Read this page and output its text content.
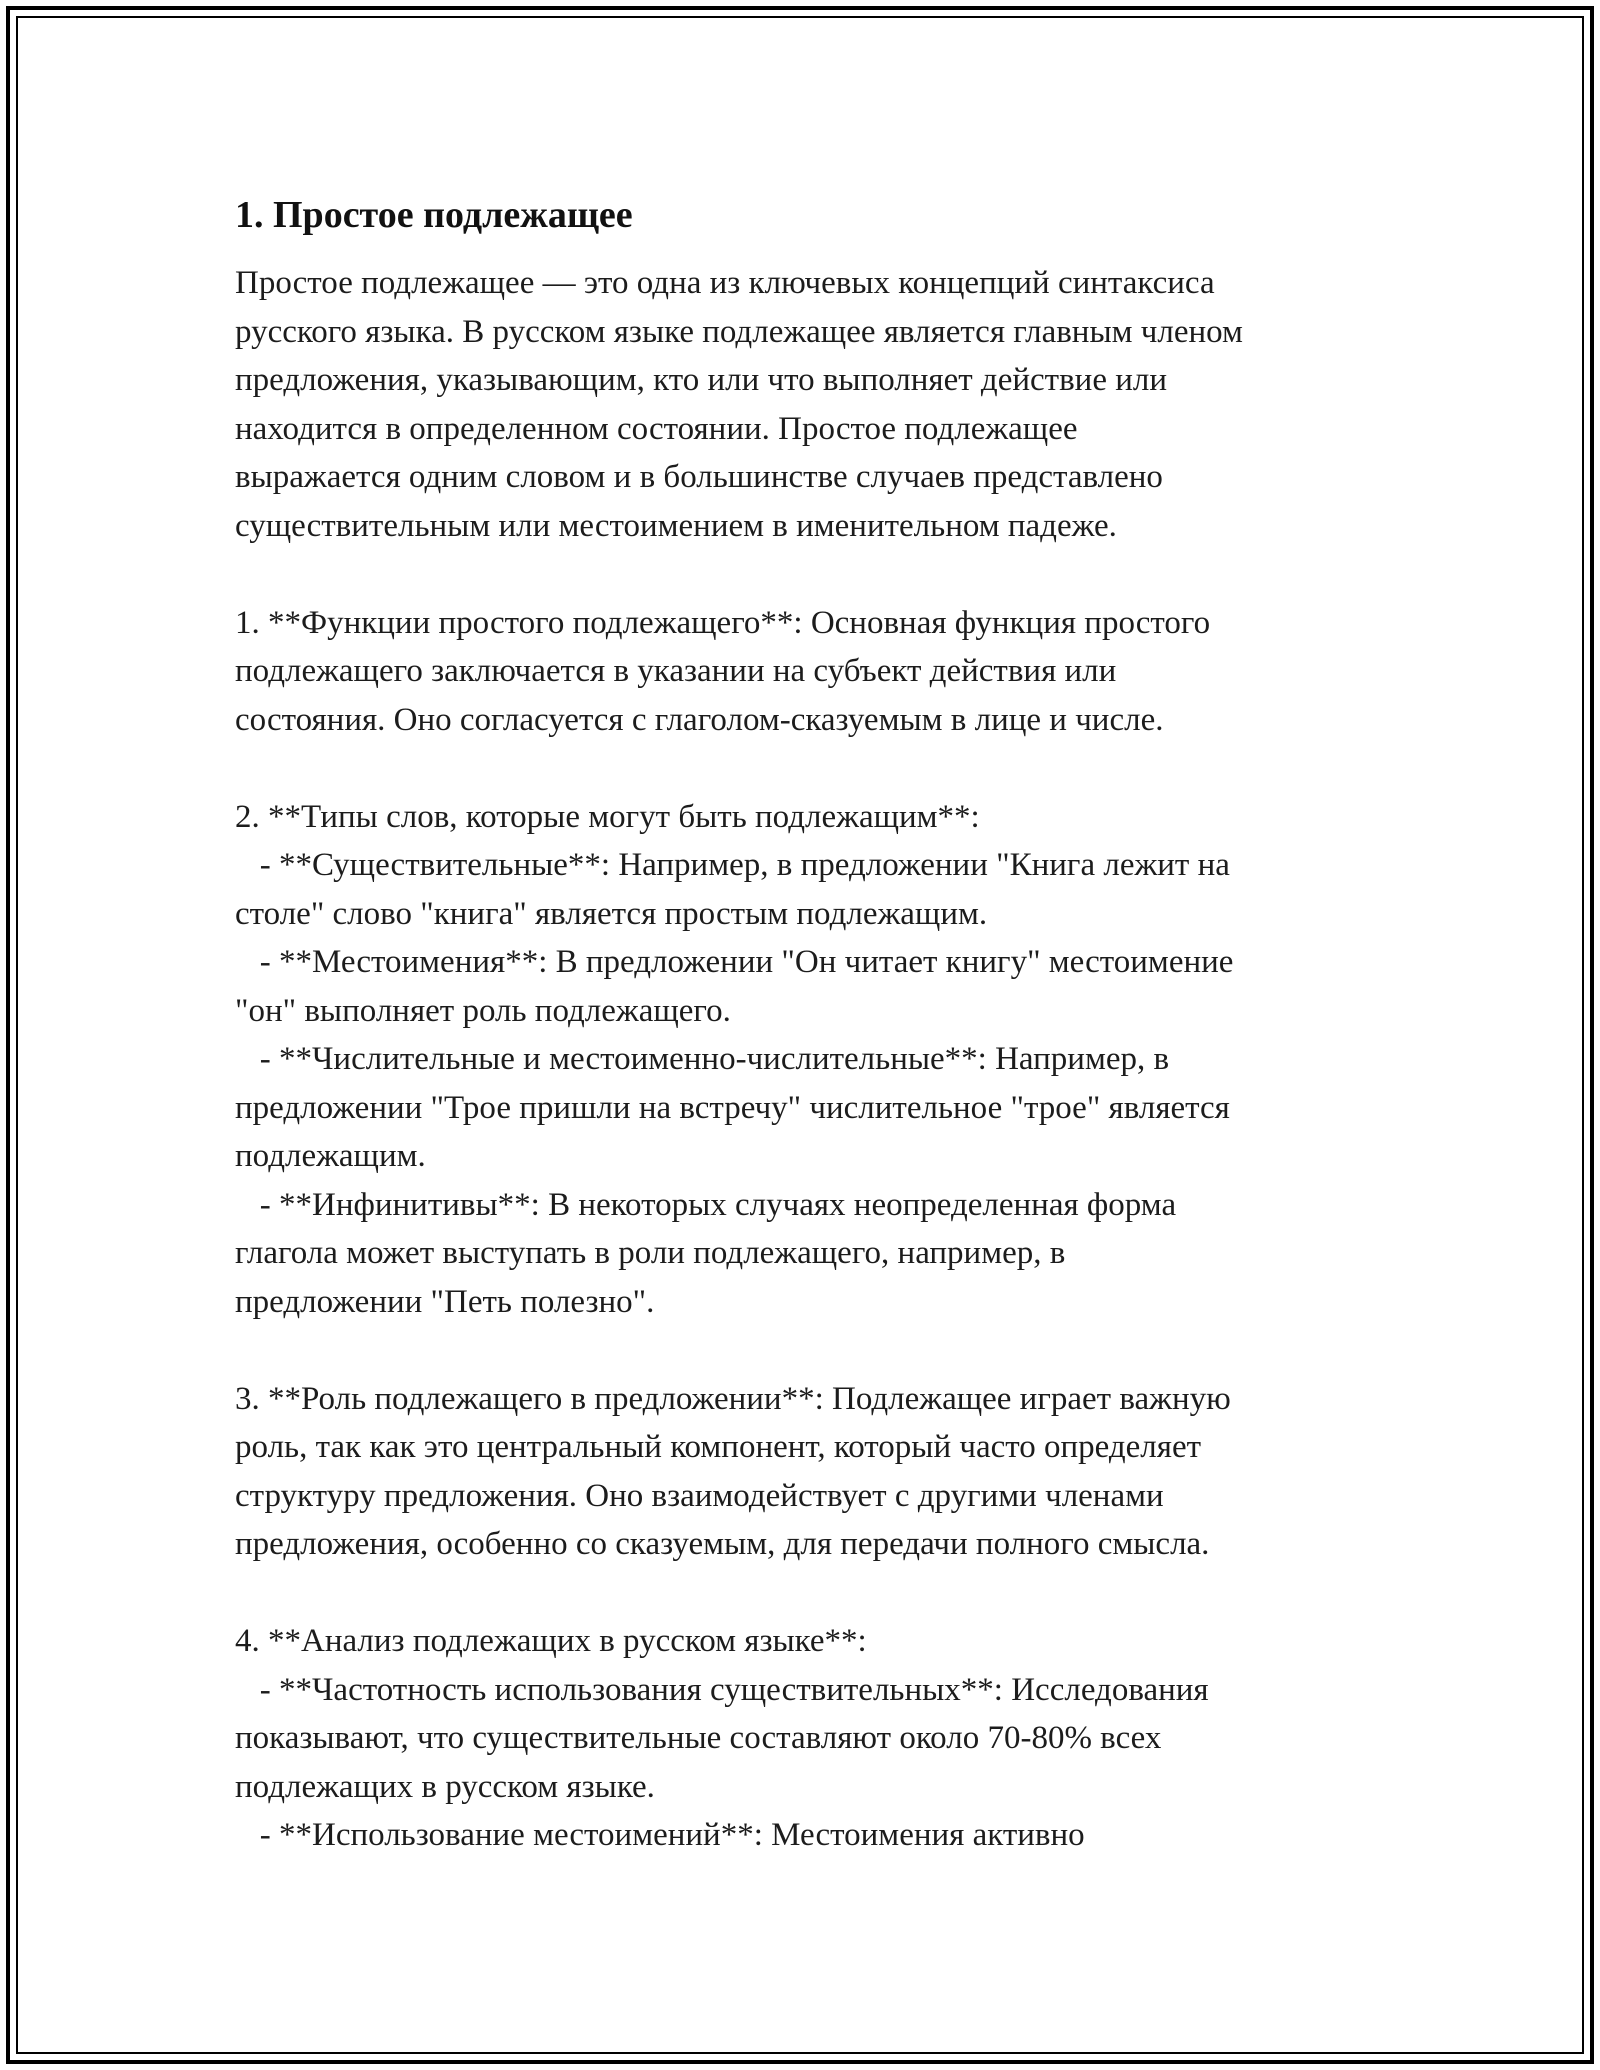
1. Простое подлежащее

Простое подлежащее — это одна из ключевых концепций синтаксиса
русского языка. В русском языке подлежащее является главным членом
предложения, указывающим, кто или что выполняет действие или
находится в определенном состоянии. Простое подлежащее
выражается одним словом и в большинстве случаев представлено
существительным или местоимением в именительном падеже.

1. **Функции простого подлежащего**: Основная функция простого
подлежащего заключается в указании на субъект действия или
состояния. Оно согласуется с глаголом-сказуемым в лице и числе.

2. **Типы слов, которые могут быть подлежащим**:
- **Существительные**: Например, в предложении "Книга лежит на
столе" слово "книга" является простым подлежащим.
- **Местоимения**: В предложении "Он читает книгу" местоимение
"он" выполняет роль подлежащего.
- **Числительные и местоименно-числительные**: Например, в
предложении "Трое пришли на встречу" числительное "трое" является
подлежащим.
- **Инфинитивы**: В некоторых случаях неопределенная форма
глагола может выступать в роли подлежащего, например, в
предложении "Петь полезно".

3. **Роль подлежащего в предложении**: Подлежащее играет важную
роль, так как это центральный компонент, который часто определяет
структуру предложения. Оно взаимодействует с другими членами
предложения, особенно со сказуемым, для передачи полного смысла.

4. **Анализ подлежащих в русском языке**:
- **Частотность использования существительных**: Исследования
показывают, что существительные составляют около 70-80% всех
подлежащих в русском языке.
- **Использование местоимений**: Местоимения активно
